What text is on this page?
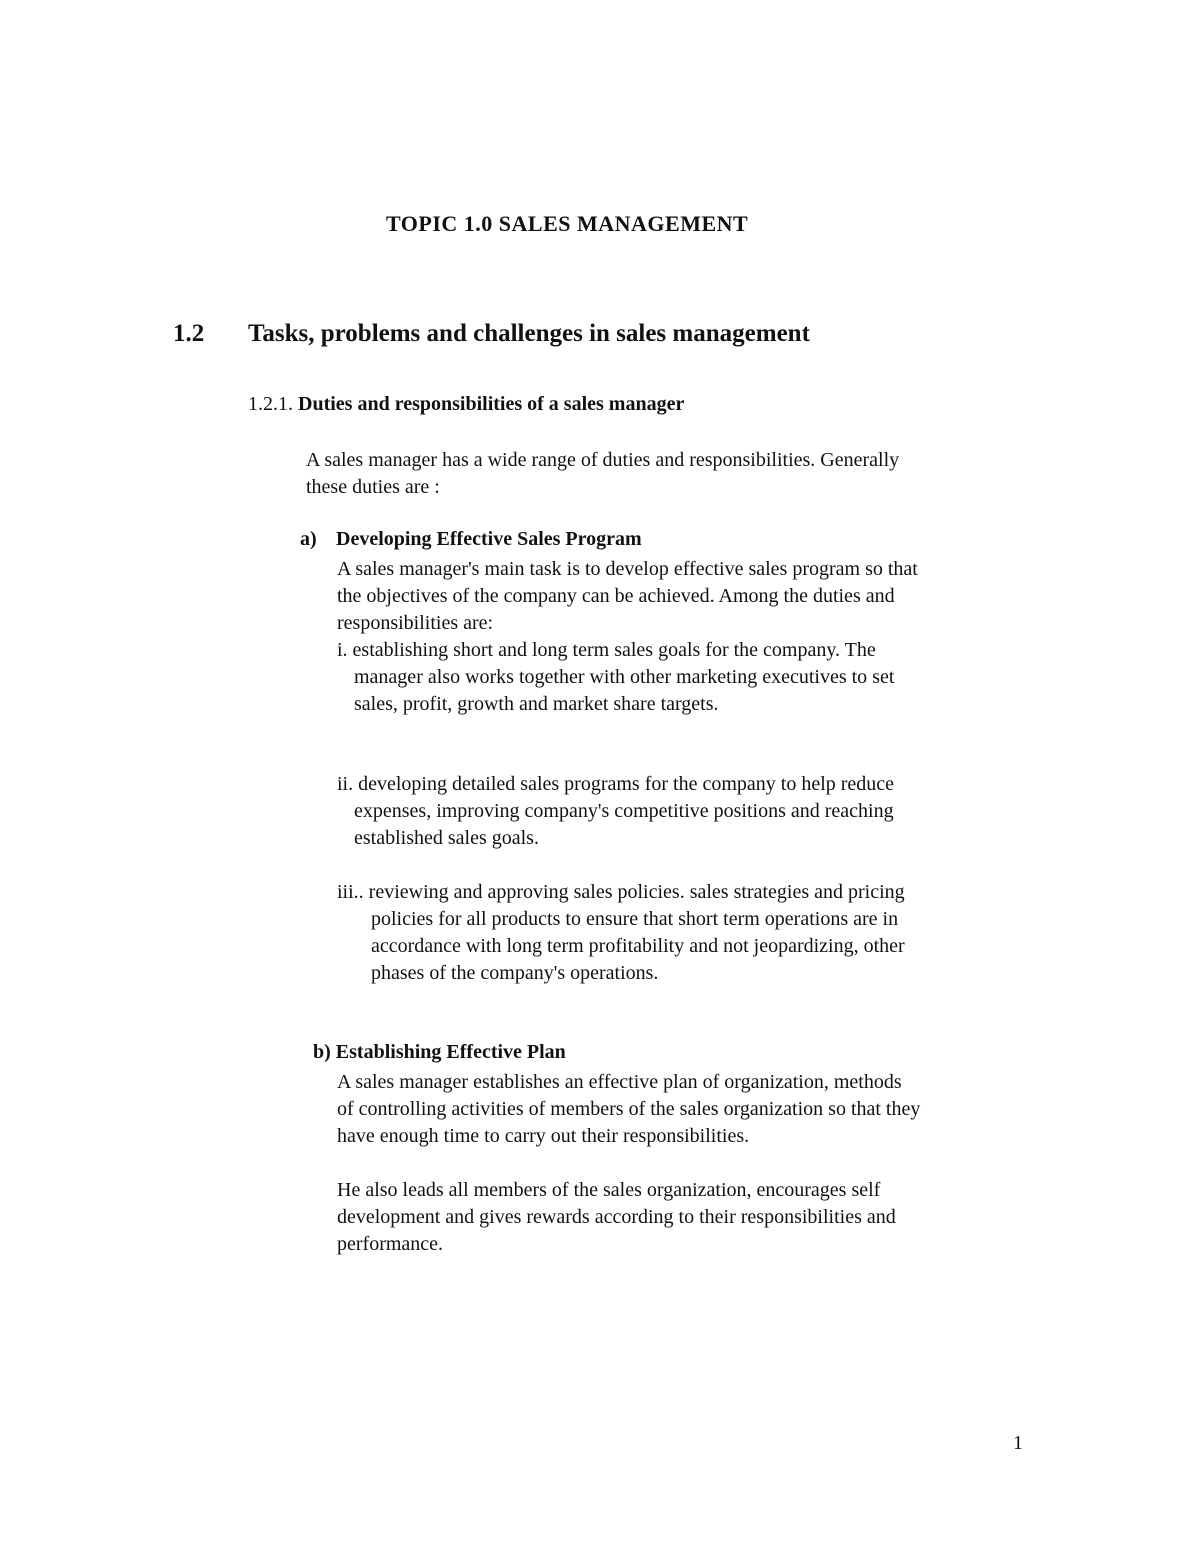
TOPIC 1.0 SALES MANAGEMENT
1.2 Tasks, problems and challenges in sales management
1.2.1. Duties and responsibilities of a sales manager
A sales manager has a wide range of duties and responsibilities. Generally
these duties are :
a) Developing Effective Sales Program
A sales manager's main task is to develop effective sales program so that
the objectives of the company can be achieved. Among the duties and
responsibilities are:
i. establishing short and long term sales goals for the company. The
manager also works together with other marketing executives to set
sales, profit, growth and market share targets.
ii. developing detailed sales programs for the company to help reduce
expenses, improving company's competitive positions and reaching
established sales goals.
iii.. reviewing and approving sales policies. sales strategies and pricing
policies for all products to ensure that short term operations are in
accordance with long term profitability and not jeopardizing, other
phases of the company's operations.
b) Establishing Effective Plan
A sales manager establishes an effective plan of organization, methods
of controlling activities of members of the sales organization so that they
have enough time to carry out their responsibilities.
He also leads all members of the sales organization, encourages self
development and gives rewards according to their responsibilities and
performance.
1
